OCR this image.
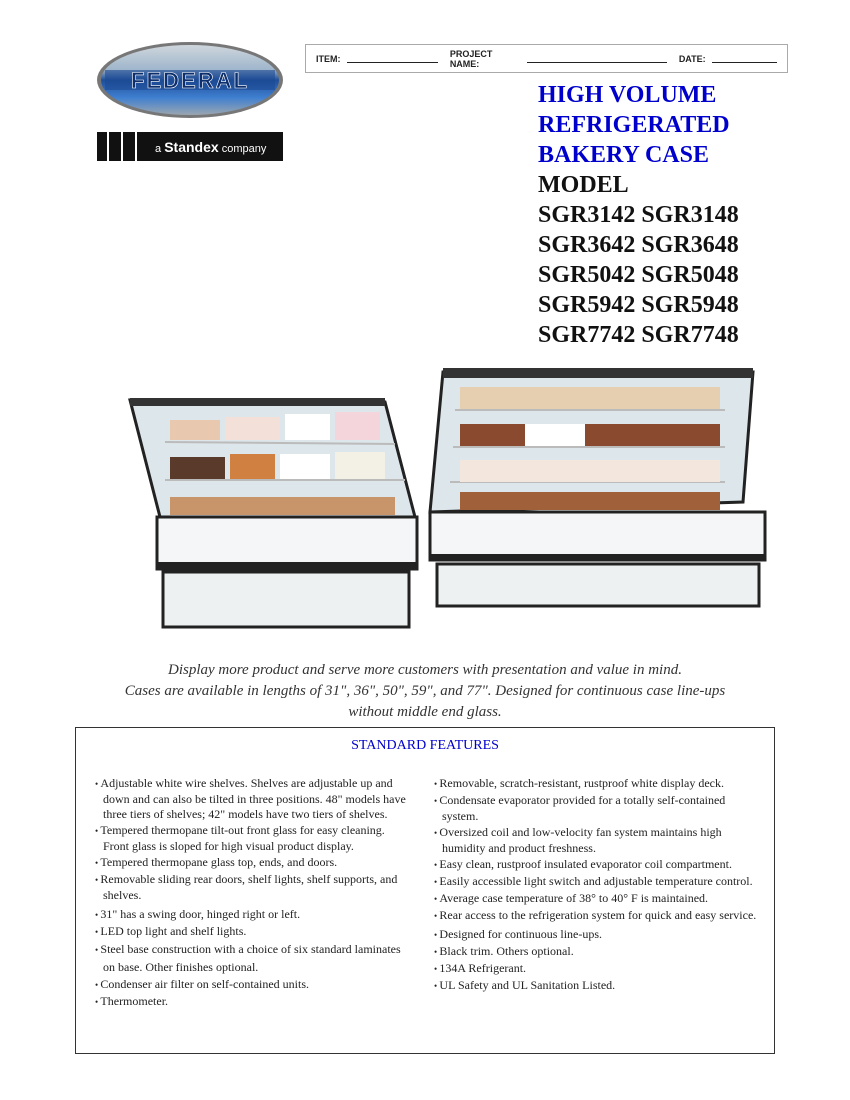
ITEM:	PROJECT NAME:	DATE:
FEDERAL
a Standex company
HIGH VOLUME
REFRIGERATED
BAKERY CASE
MODEL
SGR3142 SGR3148
SGR3642 SGR3648
SGR5042 SGR5048
SGR5942 SGR5948
SGR7742 SGR7748
Display more product and serve more customers with presentation and value in mind.
Cases are available in lengths of 31", 36", 50", 59", and 77". Designed for continuous case line-ups
without middle end glass.
STANDARD FEATURES
• Adjustable white wire shelves. Shelves are adjustable up and down and can also be tilted in three positions. 48" models have three tiers of shelves; 42" models have two tiers of shelves.
• Tempered thermopane tilt-out front glass for easy cleaning. Front glass is sloped for high visual product display.
• Tempered thermopane glass top, ends, and doors.
• Removable sliding rear doors, shelf lights, shelf supports, and shelves.
• 31" has a swing door, hinged right or left.
• LED top light and shelf lights.
• Steel base construction with a choice of six standard laminates on base. Other finishes optional.
• Condenser air filter on self-contained units.
• Thermometer.
• Removable, scratch-resistant, rustproof white display deck.
• Condensate evaporator provided for a totally self-contained system.
• Oversized coil and low-velocity fan system maintains high humidity and product freshness.
• Easy clean, rustproof insulated evaporator coil compartment.
• Easily accessible light switch and adjustable temperature control.
• Average case temperature of 38° to 40° F is maintained.
• Rear access to the refrigeration system for quick and easy service.
• Designed for continuous line-ups.
• Black trim. Others optional.
• 134A Refrigerant.
• UL Safety and UL Sanitation Listed.
